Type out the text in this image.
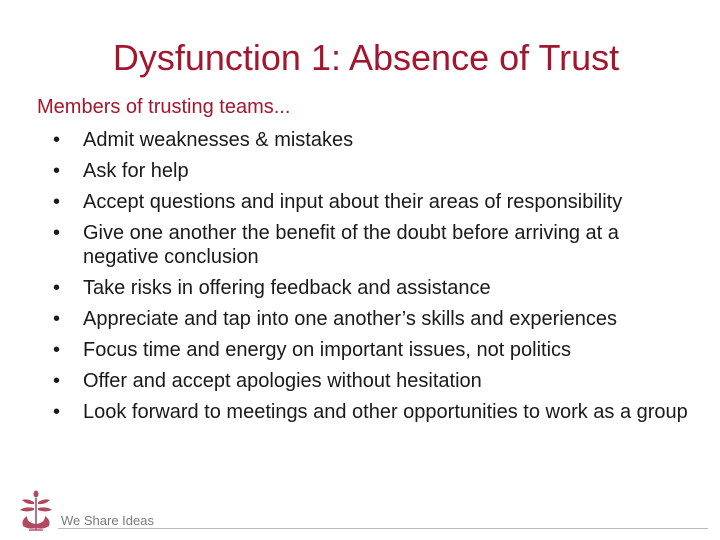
Dysfunction 1: Absence of Trust
Members of trusting teams...
•	Admit weaknesses & mistakes
•	Ask for help
•	Accept questions and input about their areas of responsibility
•	Give one another the benefit of the doubt before arriving at a negative conclusion
•	Take risks in offering feedback and assistance
•	Appreciate and tap into one another’s skills and experiences
•	Focus time and energy on important issues, not politics
•	Offer and accept apologies without hesitation
•	Look forward to meetings and other opportunities to work as a group
We Share Ideas
